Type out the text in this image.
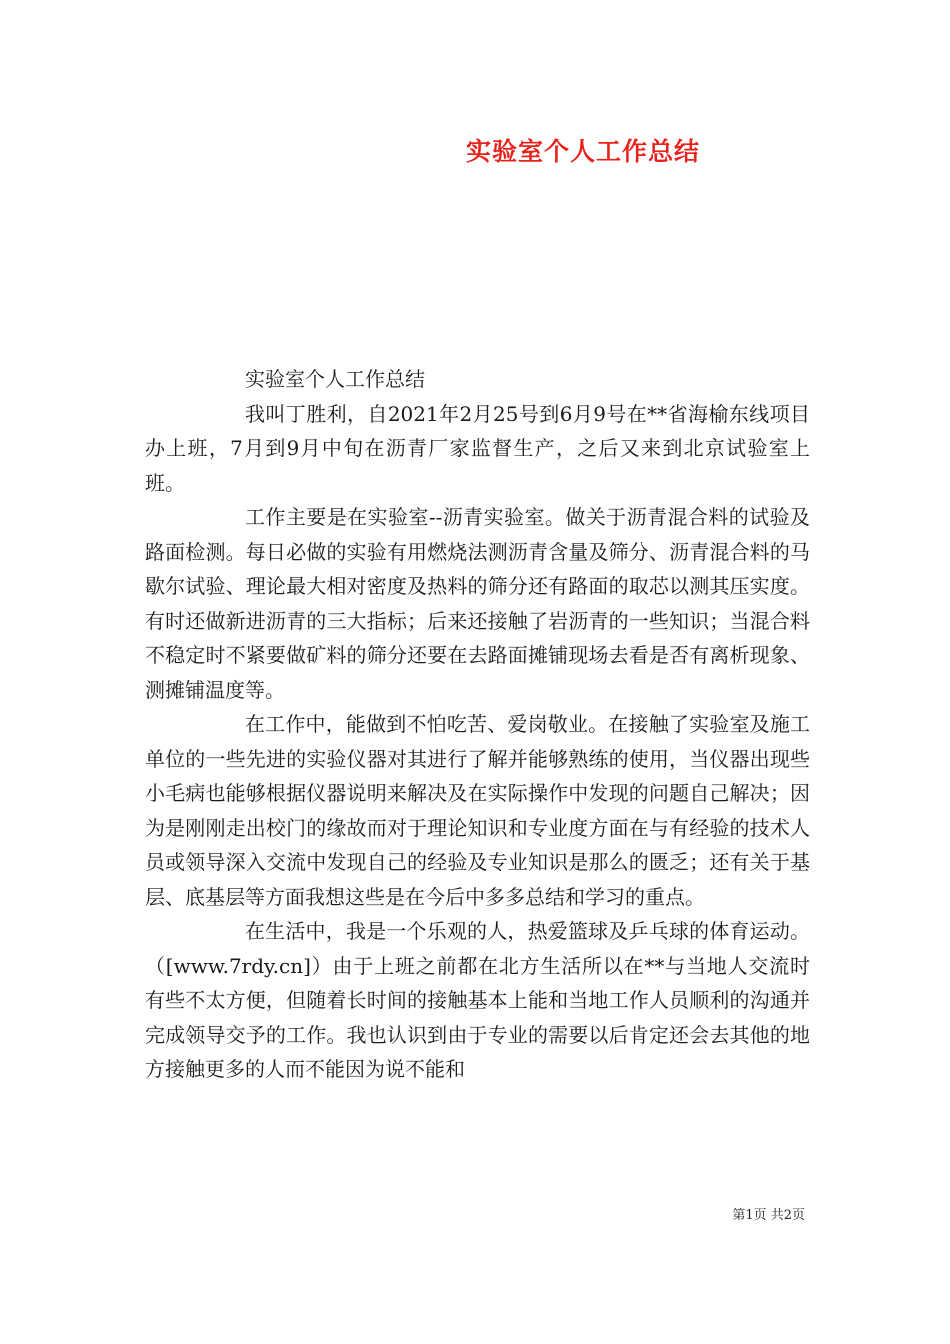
实验室个人工作总结

实验室个人工作总结

我叫丁胜利，自2021年2月25号到6月9号在**省海榆东线项目办上班，7月到9月中旬在沥青厂家监督生产，之后又来到北京试验室上班。

工作主要是在实验室--沥青实验室。做关于沥青混合料的试验及路面检测。每日必做的实验有用燃烧法测沥青含量及筛分、沥青混合料的马歇尔试验、理论最大相对密度及热料的筛分还有路面的取芯以测其压实度。有时还做新进沥青的三大指标；后来还接触了岩沥青的一些知识；当混合料不稳定时不紧要做矿料的筛分还要在去路面摊铺现场去看是否有离析现象、测摊铺温度等。

在工作中，能做到不怕吃苦、爱岗敬业。在接触了实验室及施工单位的一些先进的实验仪器对其进行了解并能够熟练的使用，当仪器出现些小毛病也能够根据仪器说明来解决及在实际操作中发现的问题自己解决；因为是刚刚走出校门的缘故而对于理论知识和专业度方面在与有经验的技术人员或领导深入交流中发现自己的经验及专业知识是那么的匮乏；还有关于基层、底基层等方面我想这些是在今后中多多总结和学习的重点。

在生活中，我是一个乐观的人，热爱篮球及乒乓球的体育运动。（[www.7rdy.cn]）由于上班之前都在北方生活所以在**与当地人交流时有些不太方便，但随着长时间的接触基本上能和当地工作人员顺利的沟通并完成领导交予的工作。我也认识到由于专业的需要以后肯定还会去其他的地方接触更多的人而不能因为说不能和

第1页 共2页
